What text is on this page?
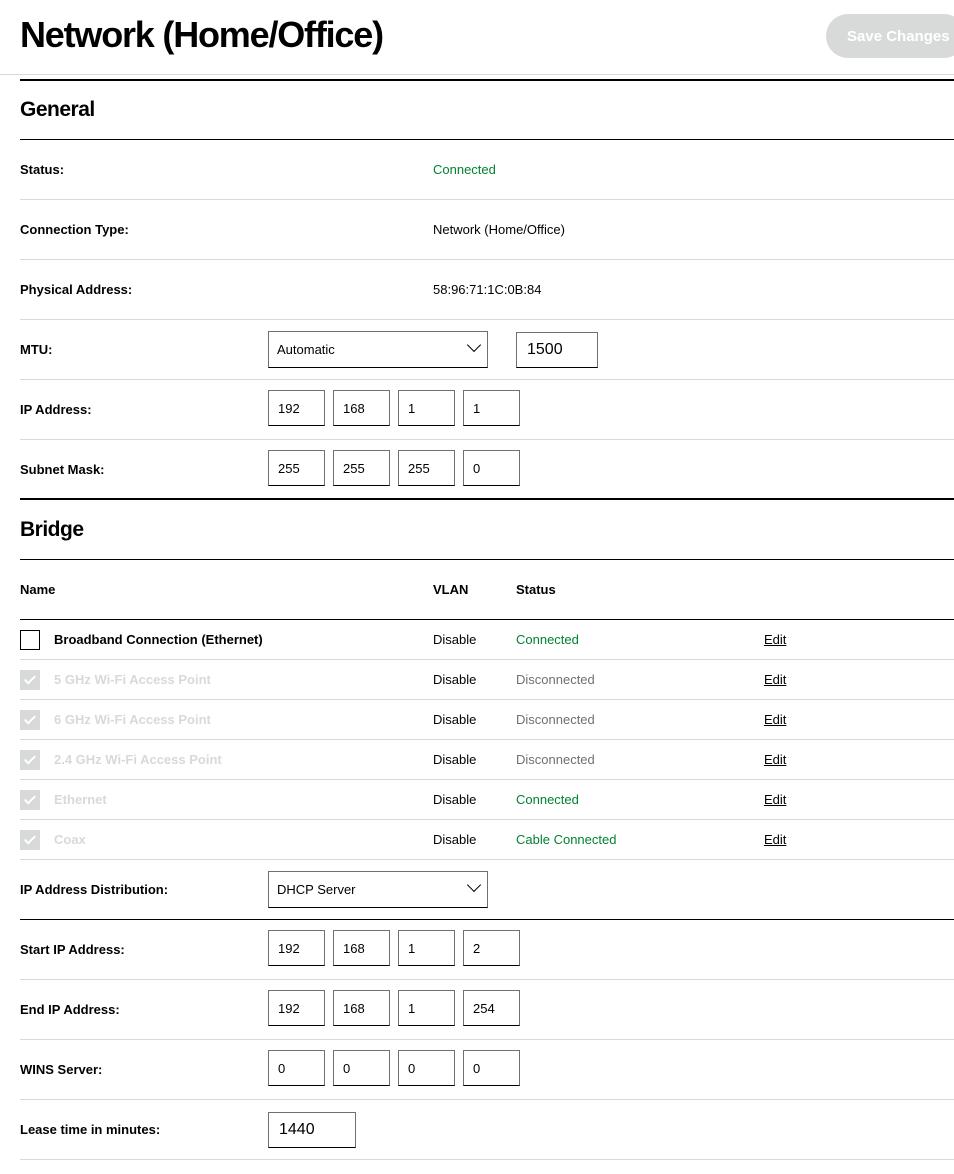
Network (Home/Office)	Save Changes
General
Status:	Connected
Connection Type:	Network (Home/Office)
Physical Address:	58:96:71:1C:0B:84
MTU:	Automatic	1500
IP Address:	192	168	1	1
Subnet Mask:	255	255	255	0
Bridge
Name	VLAN	Status
Broadband Connection (Ethernet)	Disable	Connected	Edit
5 GHz Wi-Fi Access Point	Disable	Disconnected	Edit
6 GHz Wi-Fi Access Point	Disable	Disconnected	Edit
2.4 GHz Wi-Fi Access Point	Disable	Disconnected	Edit
Ethernet	Disable	Connected	Edit
Coax	Disable	Cable Connected	Edit
IP Address Distribution:	DHCP Server
Start IP Address:	192	168	1	2
End IP Address:	192	168	1	254
WINS Server:	0	0	0	0
Lease time in minutes:	1440
